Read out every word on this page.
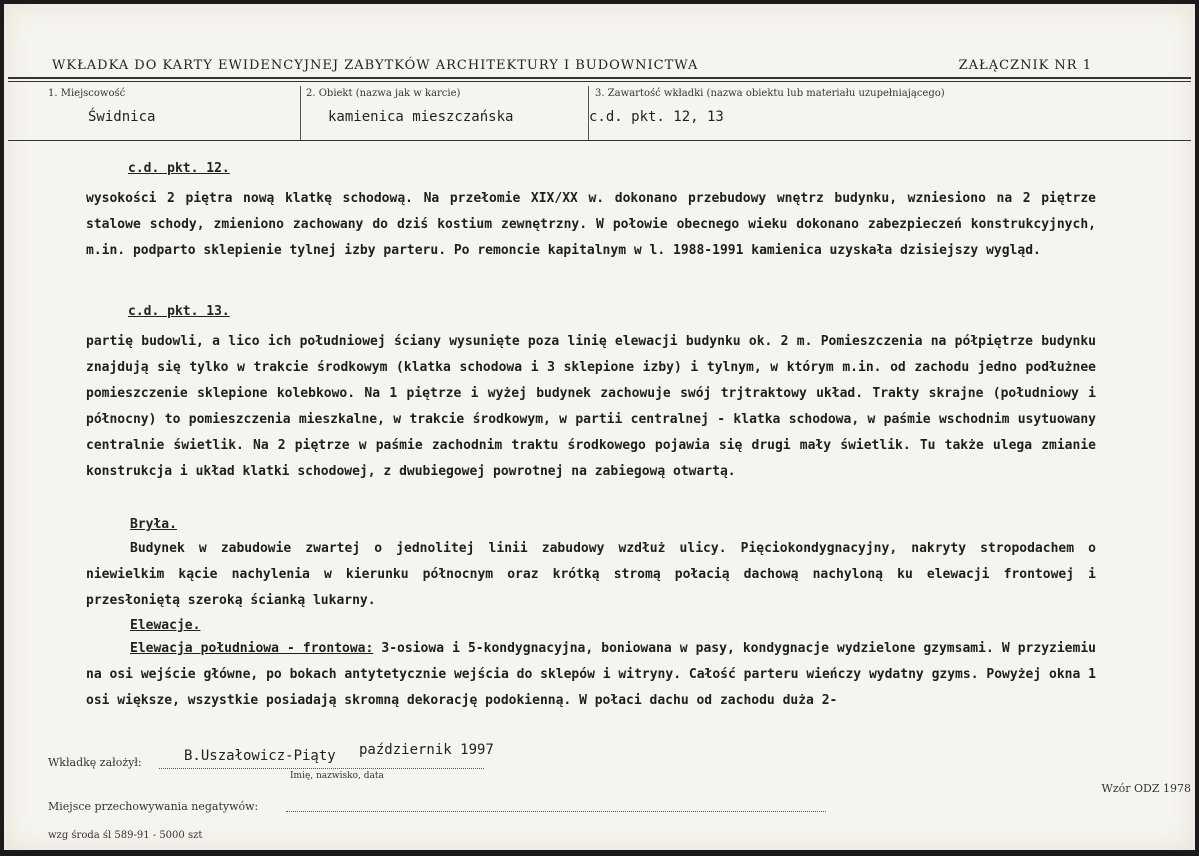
WKŁADKA DO KARTY EWIDENCYJNEJ ZABYTKÓW ARCHITEKTURY I BUDOWNICTWA	ZAŁĄCZNIK NR 1
1. Miejscowość
Świdnica
2. Obiekt (nazwa jak w karcie)
kamienica mieszczańska
3. Zawartość wkładki (nazwa obiektu lub materiału uzupełniającego)
c.d. pkt. 12, 13
c.d. pkt. 12.
wysokości 2 piętra nową klatkę schodową. Na przełomie XIX/XX w. dokonano przebudowy wnętrz budynku, wzniesiono na 2 piętrze stalowe schody, zmieniono zachowany do dziś kostium zewnętrzny. W połowie obecnego wieku dokonano zabezpieczeń konstrukcyjnych, m.in. podparto sklepienie tylnej izby parteru. Po remoncie kapitalnym w l. 1988-1991 kamienica uzyskała dzisiejszy wygląd.
c.d. pkt. 13.
partię budowli, a lico ich południowej ściany wysunięte poza linię elewacji budynku ok. 2 m. Pomieszczenia na półpiętrze budynku znajdują się tylko w trakcie środkowym (klatka schodowa i 3 sklepione izby) i tylnym, w którym m.in. od zachodu jedno podłużnee pomieszczenie sklepione kolebkowo. Na 1 piętrze i wyżej budynek zachowuje swój trjtraktowy układ. Trakty skrajne (południowy i północny) to pomieszczenia mieszkalne, w trakcie środkowym, w partii centralnej - klatka schodowa, w paśmie wschodnim usytuowany centralnie świetlik. Na 2 piętrze w paśmie zachodnim traktu środkowego pojawia się drugi mały świetlik. Tu także ulega zmianie konstrukcja i układ klatki schodowej, z dwubiegowej powrotnej na zabiegową otwartą.
Bryła.
Budynek w zabudowie zwartej o jednolitej linii zabudowy wzdłuż ulicy. Pięciokondygnacyjny, nakryty stropodachem o niewielkim kącie nachylenia w kierunku północnym oraz krótką stromą połacią dachową nachyloną ku elewacji frontowej i przesłoniętą szeroką ścianką lukarny.
Elewacje.
Elewacja południowa - frontowa: 3-osiowa i 5-kondygnacyjna, boniowana w pasy, kondygnacje wydzielone gzymsami. W przyziemiu na osi wejście główne, po bokach antytetycznie wejścia do sklepów i witryny. Całość parteru wieńczy wydatny gzyms. Powyżej okna 1 osi większe, wszystkie posiadają skromną dekorację podokienną. W połaci dachu od zachodu duża 2-
Wkładkę założył:	B.Uszałowicz-Piąty październik 1997
Imię, nazwisko, data
Wzór ODZ 1978
Miejsce przechowywania negatywów:
wzg środa śl 589-91 - 5000 szt
